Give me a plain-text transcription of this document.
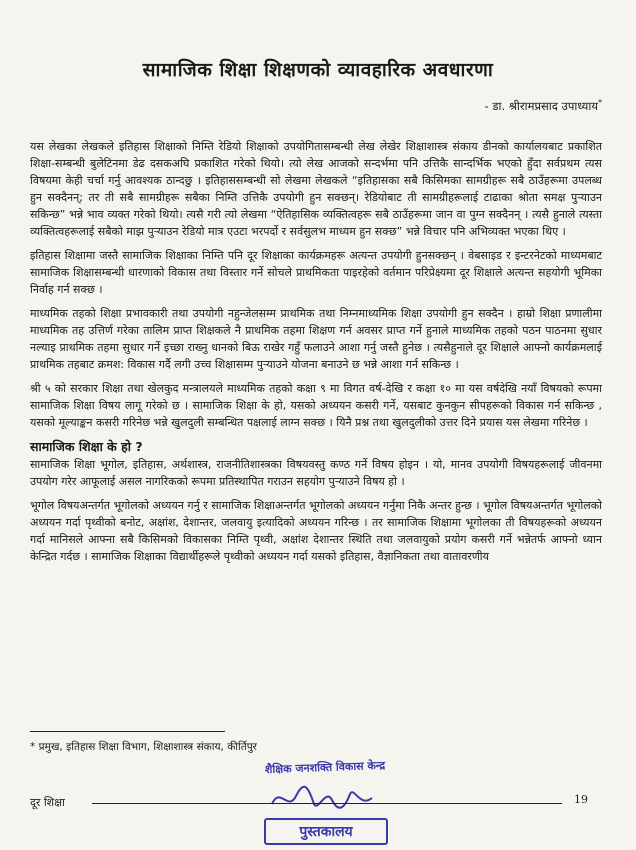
सामाजिक शिक्षा शिक्षणको व्यावहारिक अवधारणा
- डा. श्रीरामप्रसाद उपाध्याय*

यस लेखका लेखकले इतिहास शिक्षाको निम्ति रेडियो शिक्षाको उपयोगितासम्बन्धी लेख लेखेर शिक्षाशास्त्र संकाय डीनको कार्यालयबाट प्रकाशित शिक्षा-सम्बन्धी बुलेटिनमा डेढ दसकअघि प्रकाशित गरेको थियो। त्यो लेख आजको सन्दर्भमा पनि उत्तिकै सान्दर्भिक भएको हुँदा सर्वप्रथम त्यस विषयमा केही चर्चा गर्नु आवश्यक ठान्दछु । इतिहाससम्बन्धी सो लेखमा लेखकले “इतिहासका सबै किसिमका सामग्रीहरू सबै ठाउँहरूमा उपलब्ध हुन सक्दैनन्; तर ती सबै सामग्रीहरू सबैका निम्ति उत्तिकै उपयोगी हुन सक्छन्। रेडियोबाट ती सामग्रीहरूलाई टाढाका श्रोता समक्ष पुऱ्याउन सकिन्छ” भन्ने भाव व्यक्त गरेको थियो। त्यसै गरी त्यो लेखमा “ऐतिहासिक व्यक्तित्वहरू सबै ठाउँहरूमा जान वा पुग्न सक्दैनन् । त्यसै हुनाले त्यस्ता व्यक्तित्वहरूलाई सबैको माझ पुऱ्याउन रेडियो मात्र एउटा भरपर्दो र सर्वसुलभ माध्यम हुन सक्छ” भन्ने विचार पनि अभिव्यक्त भएका थिए ।

इतिहास शिक्षामा जस्तै सामाजिक शिक्षाका निम्ति पनि दूर शिक्षाका कार्यक्रमहरू अत्यन्त उपयोगी हुनसक्छन् । वेबसाइड र इन्टरनेटको माध्यमबाट सामाजिक शिक्षासम्बन्धी धारणाको विकास तथा विस्तार गर्ने सोचले प्राथमिकता पाइरहेको वर्तमान परिप्रेक्ष्यमा दूर शिक्षाले अत्यन्त सहयोगी भूमिका निर्वाह गर्न सक्छ ।

माध्यमिक तहको शिक्षा प्रभावकारी तथा उपयोगी नहुन्जेलसम्म प्राथमिक तथा निम्नमाध्यमिक शिक्षा उपयोगी हुन सक्दैन । हाम्रो शिक्षा प्रणालीमा माध्यमिक तह उत्तिर्ण गरेका तालिम प्राप्त शिक्षकले नै प्राथमिक तहमा शिक्षण गर्न अवसर प्राप्त गर्ने हुनाले माध्यमिक तहको पठन पाठनमा सुधार नल्याइ प्राथमिक तहमा सुधार गर्ने इच्छा राख्नु धानको बिऊ राखेर गहुँ फलाउने आशा गर्नु जस्तै हुनेछ । त्यसैहुनाले दूर शिक्षाले आफ्नो कार्यक्रमलाई प्राथमिक तहबाट क्रमश: विकास गर्दै लगी उच्च शिक्षासम्म पुऱ्याउने योजना बनाउने छ भन्ने आशा गर्न सकिन्छ ।

श्री ५ को सरकार शिक्षा तथा खेलकुद मन्त्रालयले माध्यमिक तहको कक्षा ९ मा विगत वर्ष-देखि र कक्षा १० मा यस वर्षदेखि नयाँ विषयको रूपमा सामाजिक शिक्षा विषय लागू गरेको छ । सामाजिक शिक्षा के हो, यसको अध्ययन कसरी गर्ने, यसबाट कुनकुन सीपहरूको विकास गर्न सकिन्छ , यसको मूल्याङ्कन कसरी गरिनेछ भन्ने खुलदुली सम्बन्धित पक्षलाई लाग्न सक्छ । यिनै प्रश्न तथा खुलदुलीको उत्तर दिने प्रयास यस लेखमा गरिनेछ ।

सामाजिक शिक्षा के हो ?

सामाजिक शिक्षा भूगोल, इतिहास, अर्थशास्त्र, राजनीतिशास्त्रका विषयवस्तु कण्ठ गर्ने विषय होइन । यो, मानव उपयोगी विषयहरूलाई जीवनमा उपयोग गरेर आफूलाई असल नागरिकको रूपमा प्रतिस्थापित गराउन सहयोग पुऱ्याउने विषय हो ।

भूगोल विषयअन्तर्गत भूगोलको अध्ययन गर्नु र सामाजिक शिक्षाअन्तर्गत भूगोलको अध्ययन गर्नुमा निकै अन्तर हुन्छ । भूगोल विषयअन्तर्गत भूगोलको अध्ययन गर्दा पृथ्वीको बनोट, अक्षांश, देशान्तर, जलवायु इत्यादिको अध्ययन गरिन्छ । तर सामाजिक शिक्षामा भूगोलका ती विषयहरूको अध्ययन गर्दा मानिसले आफ्ना सबै किसिमको विकासका निम्ति पृथ्वी, अक्षांश देशान्तर स्थिति तथा जलवायुको प्रयोग कसरी गर्ने भन्नेतर्फ आफ्नो ध्यान केन्द्रित गर्दछ । सामाजिक शिक्षाका विद्यार्थीहरूले पृथ्वीको अध्ययन गर्दा यसको इतिहास, वैज्ञानिकता तथा वातावरणीय

* प्रमुख, इतिहास शिक्षा विभाग, शिक्षाशास्त्र संकाय, कीर्तिपुर
शैक्षिक जनशक्ति विकास केन्द्र
पुस्तकालय
दूर शिक्षा	19
